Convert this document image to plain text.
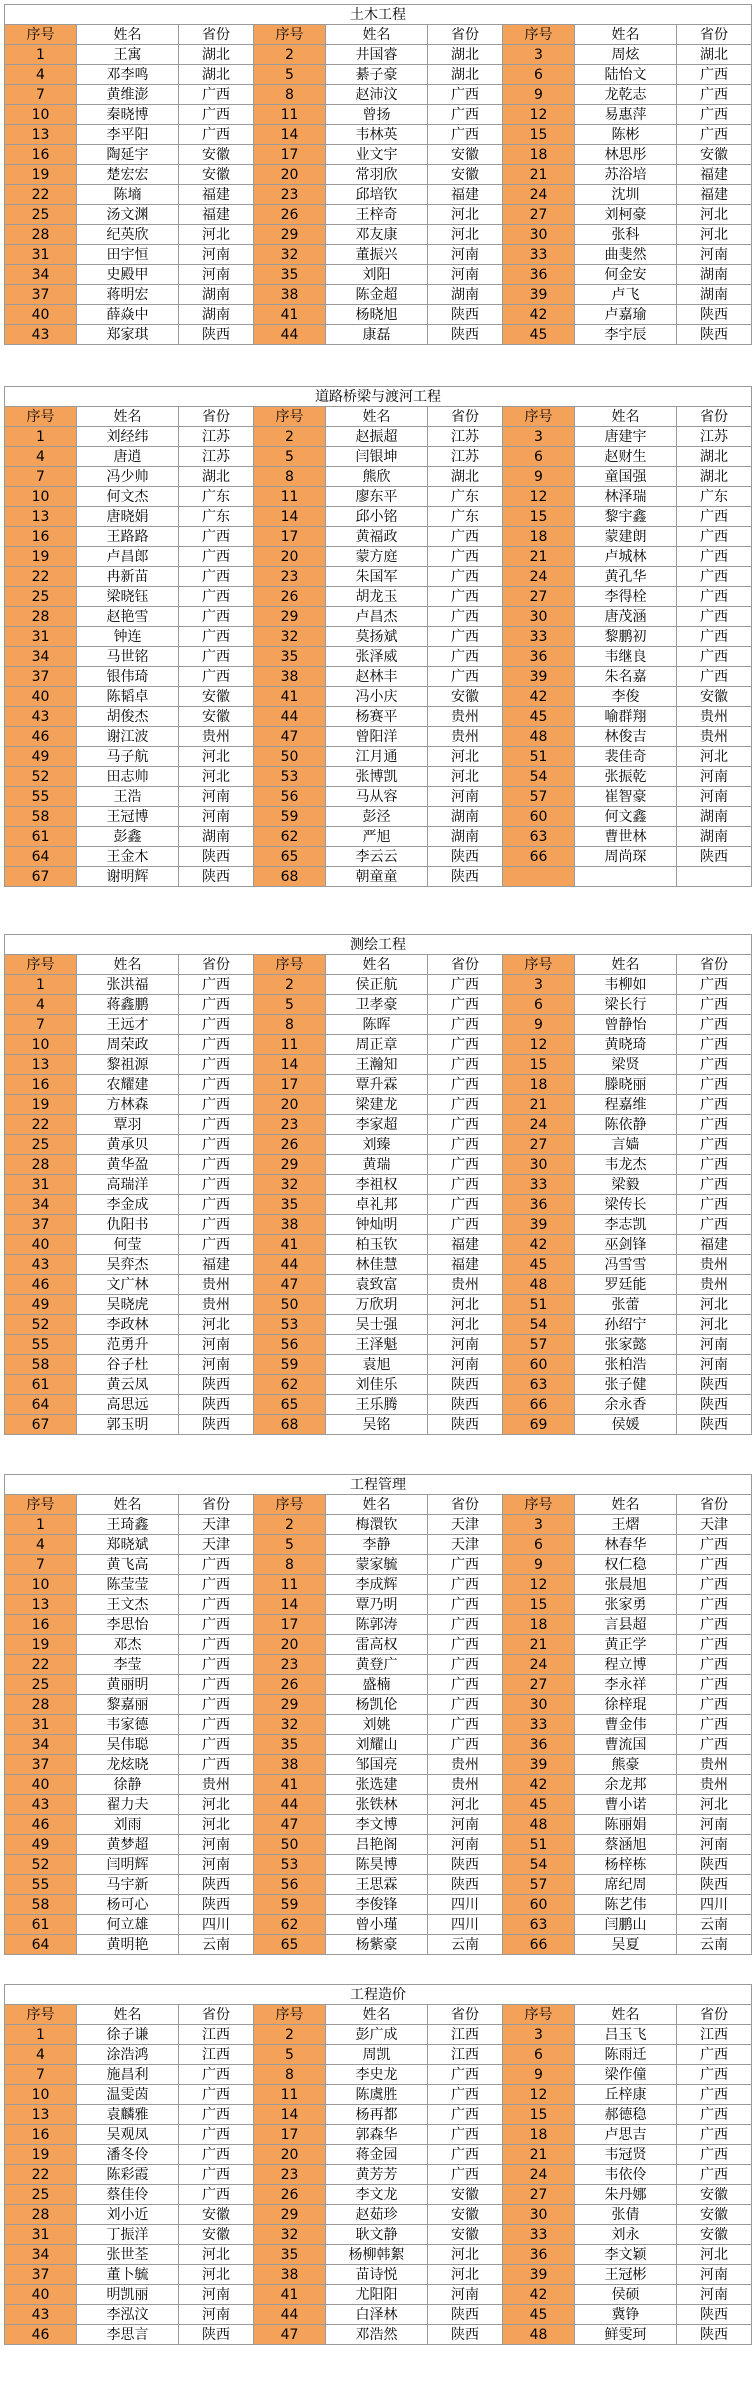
土木工程
序号	姓名	省份	序号	姓名	省份	序号	姓名	省份
1	王寓	湖北	2	井国睿	湖北	3	周炫	湖北
4	邓李鸣	湖北	5	綦子豪	湖北	6	陆怡文	广西
7	黄维澎	广西	8	赵沛汶	广西	9	龙乾志	广西
10	秦晓博	广西	11	曾扬	广西	12	易惠萍	广西
13	李平阳	广西	14	韦林英	广西	15	陈彬	广西
16	陶延宇	安徽	17	业文宇	安徽	18	林思彤	安徽
19	楚宏宏	安徽	20	常羽欣	安徽	21	苏浴培	福建
22	陈墒	福建	23	邱培钦	福建	24	沈圳	福建
25	汤文渊	福建	26	王梓奇	河北	27	刘柯豪	河北
28	纪英欣	河北	29	邓友康	河北	30	张科	河北
31	田宇恒	河南	32	董振兴	河南	33	曲斐然	河南
34	史殿甲	河南	35	刘阳	河南	36	何金安	湖南
37	蒋明宏	湖南	38	陈金超	湖南	39	卢飞	湖南
40	薛焱中	湖南	41	杨晓旭	陕西	42	卢嘉瑜	陕西
43	郑家琪	陕西	44	康磊	陕西	45	李宇辰	陕西
道路桥梁与渡河工程
序号	姓名	省份	序号	姓名	省份	序号	姓名	省份
1	刘经纬	江苏	2	赵振超	江苏	3	唐建宇	江苏
4	唐逍	江苏	5	闫银坤	江苏	6	赵财生	湖北
7	冯少帅	湖北	8	熊欣	湖北	9	童国强	湖北
10	何文杰	广东	11	廖东平	广东	12	林泽瑞	广东
13	唐晓娟	广东	14	邱小铭	广东	15	黎宇鑫	广西
16	王路路	广西	17	黄福政	广西	18	蒙建朗	广西
19	卢昌郎	广西	20	蒙方庭	广西	21	卢城林	广西
22	冉新苗	广西	23	朱国军	广西	24	黄孔华	广西
25	梁晓钰	广西	26	胡龙玉	广西	27	李得栓	广西
28	赵艳雪	广西	29	卢昌杰	广西	30	唐茂涵	广西
31	钟连	广西	32	莫扬斌	广西	33	黎鹏初	广西
34	马世铭	广西	35	张泽威	广西	36	韦继良	广西
37	银伟琦	广西	38	赵林丰	广西	39	朱名嘉	广西
40	陈韬卓	安徽	41	冯小庆	安徽	42	李俊	安徽
43	胡俊杰	安徽	44	杨赛平	贵州	45	喻群翔	贵州
46	谢江波	贵州	47	曾阳洋	贵州	48	林俊吉	贵州
49	马子航	河北	50	江月通	河北	51	裴佳奇	河北
52	田志帅	河北	53	张博凯	河北	54	张振乾	河南
55	王浩	河南	56	马从容	河南	57	崔智豪	河南
58	王冠博	河南	59	彭泾	湖南	60	何文鑫	湖南
61	彭鑫	湖南	62	严旭	湖南	63	曹世林	湖南
64	王金木	陕西	65	李云云	陕西	66	周尚琛	陕西
67	谢明辉	陕西	68	朝童童	陕西			
测绘工程
序号	姓名	省份	序号	姓名	省份	序号	姓名	省份
1	张洪福	广西	2	侯正航	广西	3	韦柳如	广西
4	蒋鑫鹏	广西	5	卫孝豪	广西	6	梁长行	广西
7	王远才	广西	8	陈晖	广西	9	曾静怡	广西
10	周荣政	广西	11	周正章	广西	12	黄晓琦	广西
13	黎祖源	广西	14	王瀚知	广西	15	梁贤	广西
16	农耀建	广西	17	覃升霖	广西	18	滕晓丽	广西
19	方林森	广西	20	梁建龙	广西	21	程嘉维	广西
22	覃羽	广西	23	李家超	广西	24	陈依静	广西
25	黄承贝	广西	26	刘臻	广西	27	言嫱	广西
28	黄华盈	广西	29	黄瑞	广西	30	韦龙杰	广西
31	高瑞洋	广西	32	李祖权	广西	33	梁毅	广西
34	李金成	广西	35	卓礼邦	广西	36	梁传长	广西
37	仇阳书	广西	38	钟灿明	广西	39	李志凯	广西
40	何莹	广西	41	柏玉钦	福建	42	巫剑锋	福建
43	吴弈杰	福建	44	林佳慧	福建	45	冯雪雪	贵州
46	文广林	贵州	47	袁致富	贵州	48	罗廷能	贵州
49	吴晓虎	贵州	50	万欣玥	河北	51	张蕾	河北
52	李政林	河北	53	吴士强	河北	54	孙绍宁	河北
55	范勇升	河南	56	王泽魁	河南	57	张家懿	河南
58	谷子杜	河南	59	袁旭	河南	60	张柏浩	河南
61	黄云凤	陕西	62	刘佳乐	陕西	63	张子健	陕西
64	高思远	陕西	65	王乐腾	陕西	66	余永香	陕西
67	郭玉明	陕西	68	吴铭	陕西	69	侯媛	陕西
工程管理
序号	姓名	省份	序号	姓名	省份	序号	姓名	省份
1	王琦鑫	天津	2	梅澴钦	天津	3	王熠	天津
4	郑晓斌	天津	5	李静	天津	6	林春华	广西
7	黄飞高	广西	8	蒙家毓	广西	9	权仁稳	广西
10	陈莹莹	广西	11	李成辉	广西	12	张晨旭	广西
13	王文杰	广西	14	覃乃明	广西	15	张家勇	广西
16	李思怡	广西	17	陈郭涛	广西	18	言县超	广西
19	邓杰	广西	20	雷高权	广西	21	黄正学	广西
22	李莹	广西	23	黄登广	广西	24	程立博	广西
25	黄丽明	广西	26	盛楠	广西	27	李永祥	广西
28	黎嘉丽	广西	29	杨凯伦	广西	30	徐梓琨	广西
31	韦家德	广西	32	刘姚	广西	33	曹金伟	广西
34	吴伟聪	广西	35	刘耀山	广西	36	曹流国	广西
37	龙炫晓	广西	38	邹国亮	贵州	39	熊豪	贵州
40	徐静	贵州	41	张选建	贵州	42	余龙邦	贵州
43	翟力夫	河北	44	张铁林	河北	45	曹小诺	河北
46	刘雨	河北	47	李文博	河南	48	陈丽娟	河南
49	黄梦超	河南	50	吕艳阁	河南	51	蔡涵旭	河南
52	闫明辉	河南	53	陈昊博	陕西	54	杨梓栋	陕西
55	马宇新	陕西	56	王思霖	陕西	57	席纪周	陕西
58	杨可心	陕西	59	李俊锋	四川	60	陈艺伟	四川
61	何立雄	四川	62	曾小瑾	四川	63	闫鹏山	云南
64	黄明艳	云南	65	杨紫豪	云南	66	吴夏	云南
工程造价
序号	姓名	省份	序号	姓名	省份	序号	姓名	省份
1	徐子谦	江西	2	彭广成	江西	3	吕玉飞	江西
4	涂浩鸿	江西	5	周凯	江西	6	陈雨迁	广西
7	施昌利	广西	8	李史龙	广西	9	梁作僮	广西
10	温雯茵	广西	11	陈虞胜	广西	12	丘梓康	广西
13	袁麟雅	广西	14	杨再都	广西	15	郝德稳	广西
16	吴观凤	广西	17	郭森华	广西	18	卢思吉	广西
19	潘冬伶	广西	20	蒋金园	广西	21	韦冠贤	广西
22	陈彩霞	广西	23	黄芳芳	广西	24	韦依伶	广西
25	蔡佳伶	广西	26	李文龙	安徽	27	朱丹娜	安徽
28	刘小近	安徽	29	赵茹珍	安徽	30	张倩	安徽
31	丁振洋	安徽	32	耿文静	安徽	33	刘永	安徽
34	张世荃	河北	35	杨柳韩絮	河北	36	李文颖	河北
37	董卜毓	河北	38	苗诗悦	河北	39	王冠彬	河南
40	明凯丽	河南	41	尤阳阳	河南	42	侯硕	河南
43	李泓汶	河南	44	白泽林	陕西	45	冀铮	陕西
46	李思言	陕西	47	邓浩然	陕西	48	鲜雯珂	陕西
